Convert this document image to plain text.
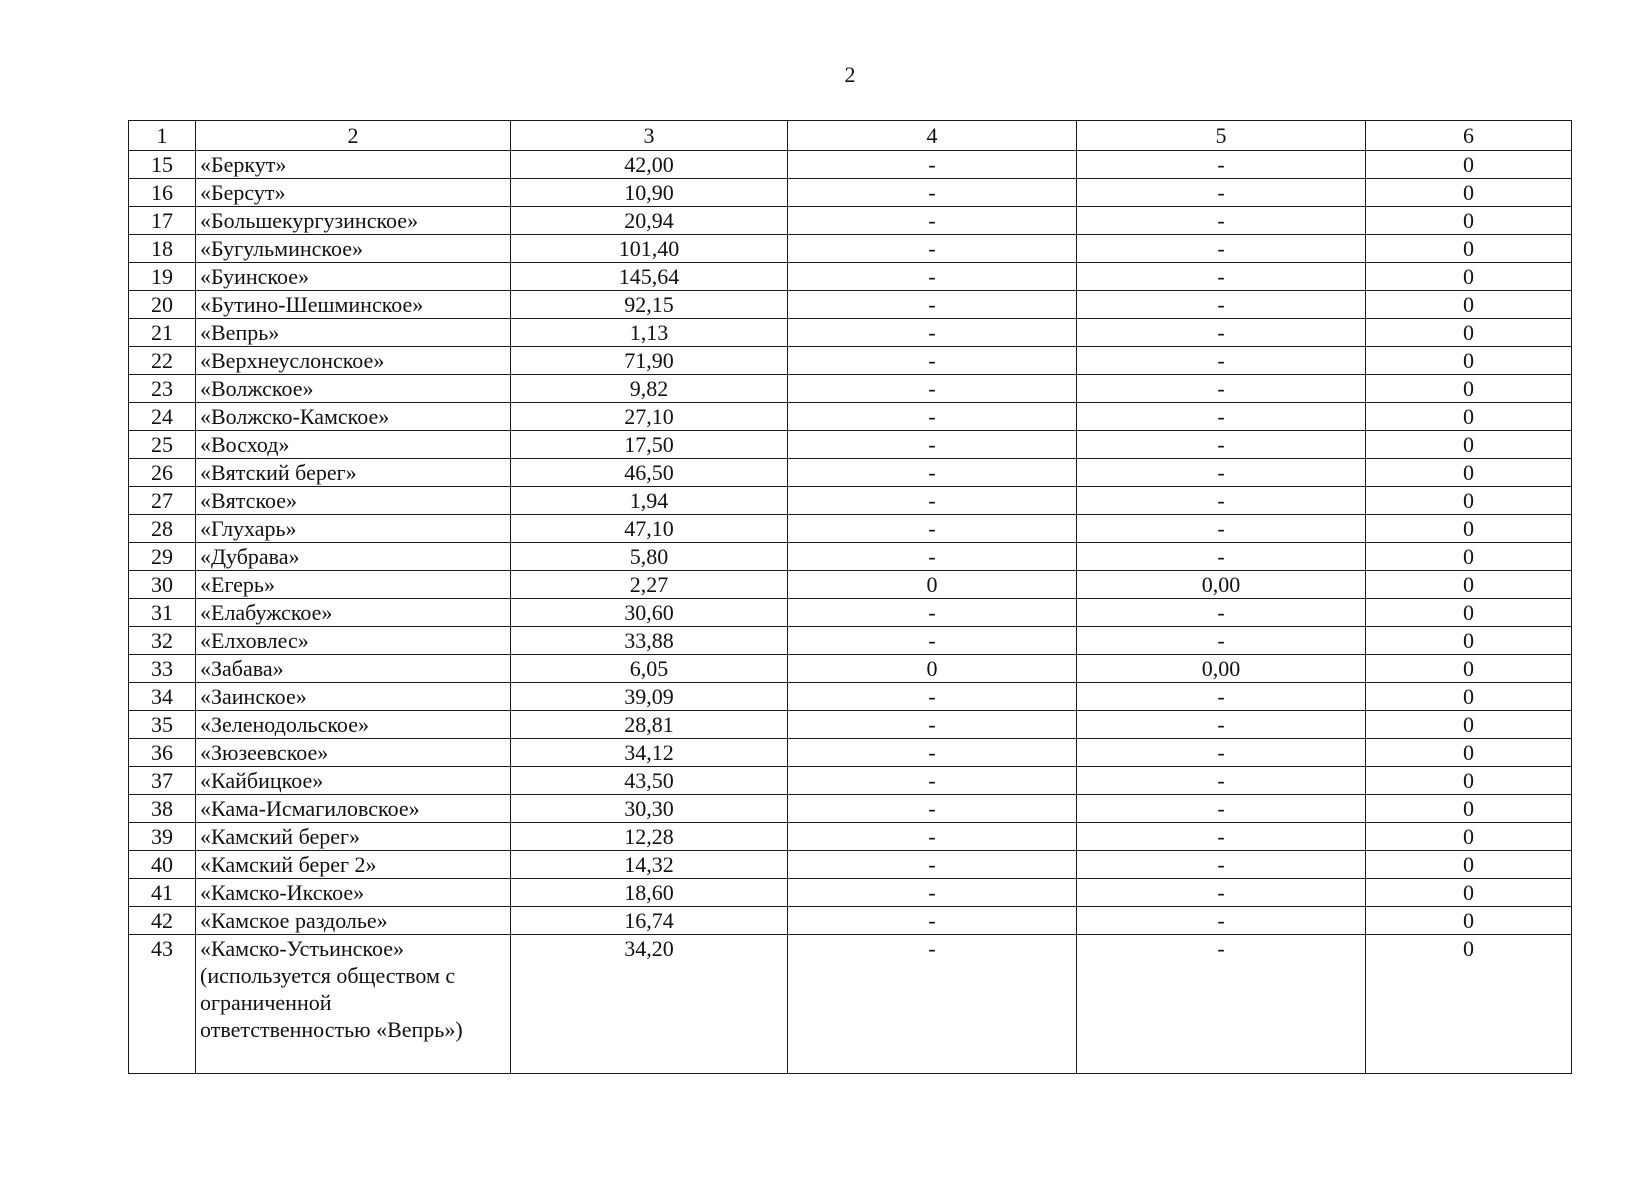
2
1	2	3	4	5	6
15	«Беркут»	42,00	-	-	0
16	«Берсут»	10,90	-	-	0
17	«Большекургузинское»	20,94	-	-	0
18	«Бугульминское»	101,40	-	-	0
19	«Буинское»	145,64	-	-	0
20	«Бутино-Шешминское»	92,15	-	-	0
21	«Вепрь»	1,13	-	-	0
22	«Верхнеуслонское»	71,90	-	-	0
23	«Волжское»	9,82	-	-	0
24	«Волжско-Камское»	27,10	-	-	0
25	«Восход»	17,50	-	-	0
26	«Вятский берег»	46,50	-	-	0
27	«Вятское»	1,94	-	-	0
28	«Глухарь»	47,10	-	-	0
29	«Дубрава»	5,80	-	-	0
30	«Егерь»	2,27	0	0,00	0
31	«Елабужское»	30,60	-	-	0
32	«Елховлес»	33,88	-	-	0
33	«Забава»	6,05	0	0,00	0
34	«Заинское»	39,09	-	-	0
35	«Зеленодольское»	28,81	-	-	0
36	«Зюзеевское»	34,12	-	-	0
37	«Кайбицкое»	43,50	-	-	0
38	«Кама-Исмагиловское»	30,30	-	-	0
39	«Камский берег»	12,28	-	-	0
40	«Камский берег 2»	14,32	-	-	0
41	«Камско-Икское»	18,60	-	-	0
42	«Камское раздолье»	16,74	-	-	0
43	«Камско-Устьинское» (используется обществом с ограниченной ответственностью «Вепрь»)	34,20	-	-	0
